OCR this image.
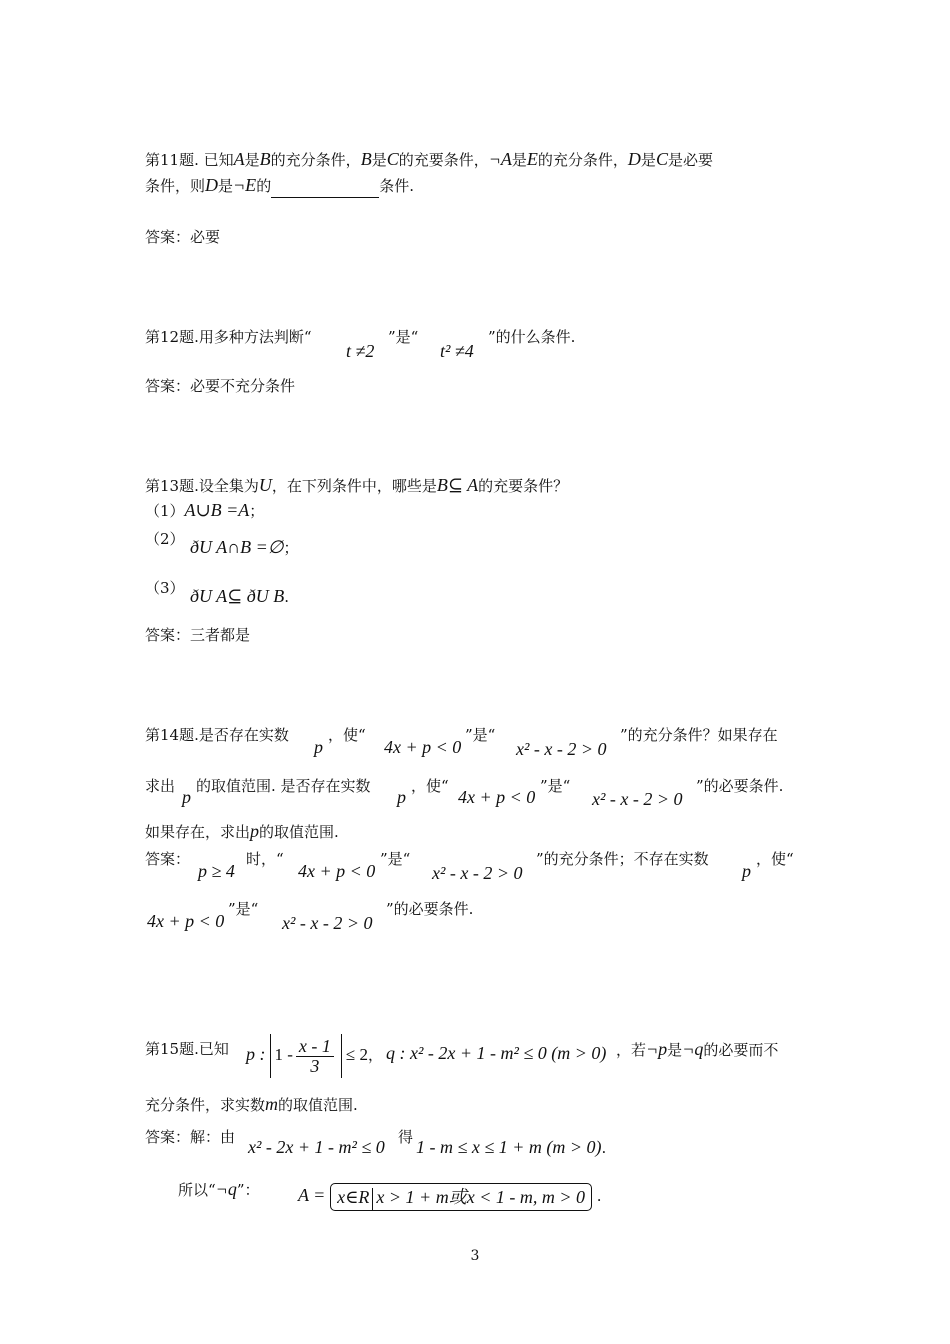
第11题. 已知A是B的充分条件，B是C的充要条件，¬A是E的充分条件，D是C是必要
条件，则D是¬E的	条件.
答案：必要
第12题.用多种方法判断“
t ≠2
”是“
t² ≠4
”的什么条件.
答案：必要不充分条件
第13题.设全集为U，在下列条件中，哪些是B⊆ A的充要条件？
（1）A∪B =A；
（2） ðU A∩B =∅；
（3） ðU A⊆ ðU B.
答案：三者都是
第14题.是否存在实数
p
，使“
4x + p < 0
”是“
x² - x - 2 > 0
”的充分条件？如果存在
求出
p
的取值范围. 是否存在实数
p
，使“
4x + p < 0
”是“
x² - x - 2 > 0
”的必要条件.
如果存在，求出p的取值范围.
答案：
p ≥ 4
时，“
4x + p < 0
”是“
x² - x - 2 > 0
”的充分条件；不存在实数
p
，使“
4x + p < 0
”是“
x² - x - 2 > 0
”的必要条件.
第15题.已知 p : $1 - \frac{x - 1}{3} \le 2$， q : x² - 2x + 1 - m² ≤ 0 (m > 0) ，若¬p是¬q的必要而不
充分条件，求实数m的取值范围.
答案：解：由 x² - 2x + 1 - m² ≤ 0 得 1 - m ≤ x ≤ 1 + m (m > 0).
所以“¬q”： A = x∈R x > 1 + m或x < 1 - m, m > 0 .
3
